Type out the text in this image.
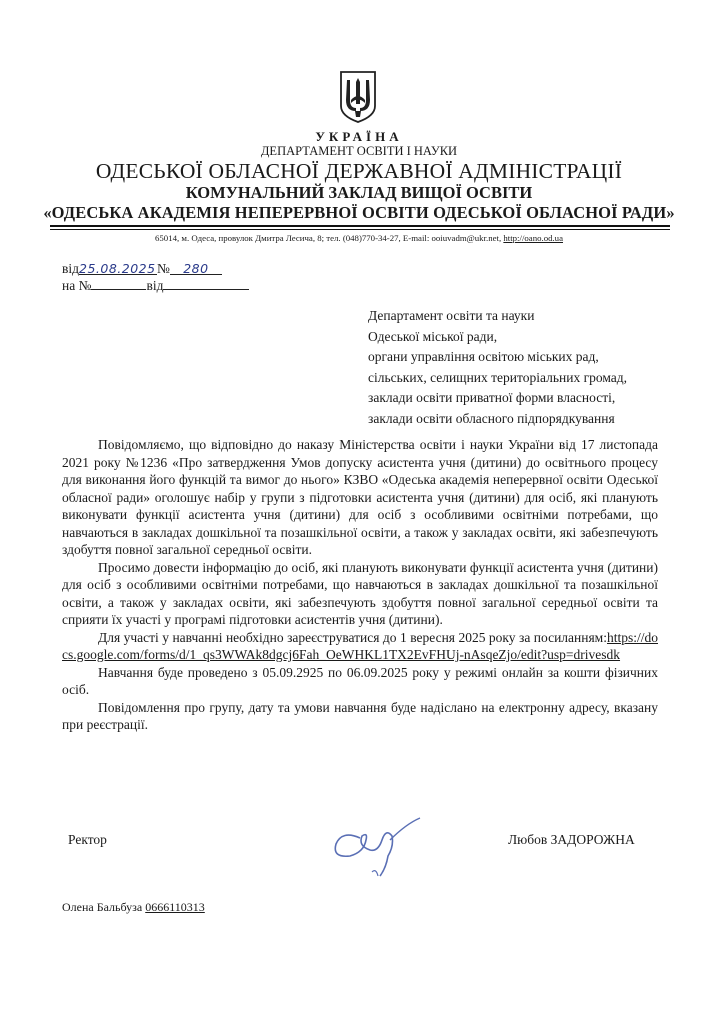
УКРАЇНА
ДЕПАРТАМЕНТ ОСВІТИ І НАУКИ
ОДЕСЬКОЇ ОБЛАСНОЇ ДЕРЖАВНОЇ АДМІНІСТРАЦІЇ
КОМУНАЛЬНИЙ ЗАКЛАД ВИЩОЇ ОСВІТИ
«ОДЕСЬКА АКАДЕМІЯ НЕПЕРЕРВНОЇ ОСВІТИ ОДЕСЬКОЇ ОБЛАСНОЇ РАДИ»
65014, м. Одеса, провулок Дмитра Лесича, 8; тел. (048)770-34-27, E-mail: ooiuvadm@ukr.net, http://oano.od.ua
від25.08.2025№ 280
на №	від
Департамент освіти та науки
Одеської міської ради,
органи управління освітою міських рад,
сільських, селищних територіальних громад,
заклади освіти приватної форми власності,
заклади освіти обласного підпорядкування

Повідомляємо, що відповідно до наказу Міністерства освіти і науки України від 17 листопада 2021 року №1236 «Про затвердження Умов допуску асистента учня (дитини) до освітнього процесу для виконання його функцій та вимог до нього» КЗВО «Одеська академія неперервної освіти Одеської обласної ради» оголошує набір у групи з підготовки асистента учня (дитини) для осіб, які планують виконувати функції асистента учня (дитини) для осіб з особливими освітніми потребами, що навчаються в закладах дошкільної та позашкільної освіти, а також у закладах освіти, які забезпечують здобуття повної загальної середньої освіти.

Просимо довести інформацію до осіб, які планують виконувати функції асистента учня (дитини) для осіб з особливими освітніми потребами, що навчаються в закладах дошкільної та позашкільної освіти, а також у закладах освіти, які забезпечують здобуття повної загальної середньої освіти та сприяти їх участі у програмі підготовки асистентів учня (дитини).

Для участі у навчанні необхідно зареєструватися до 1 вересня 2025 року за посиланням:https://docs.google.com/forms/d/1_qs3WWAk8dgcj6Fah_OeWHKL1TX2EvFHUj-nAsqeZjo/edit?usp=drivesdk

Навчання буде проведено з 05.09.2925 по 06.09.2025 року у режимі онлайн за кошти фізичних осіб.

Повідомлення про групу, дату та умови навчання буде надіслано на електронну адресу, вказану при реєстрації.

Ректор	Любов ЗАДОРОЖНА
Олена Бальбуза 0666110313
